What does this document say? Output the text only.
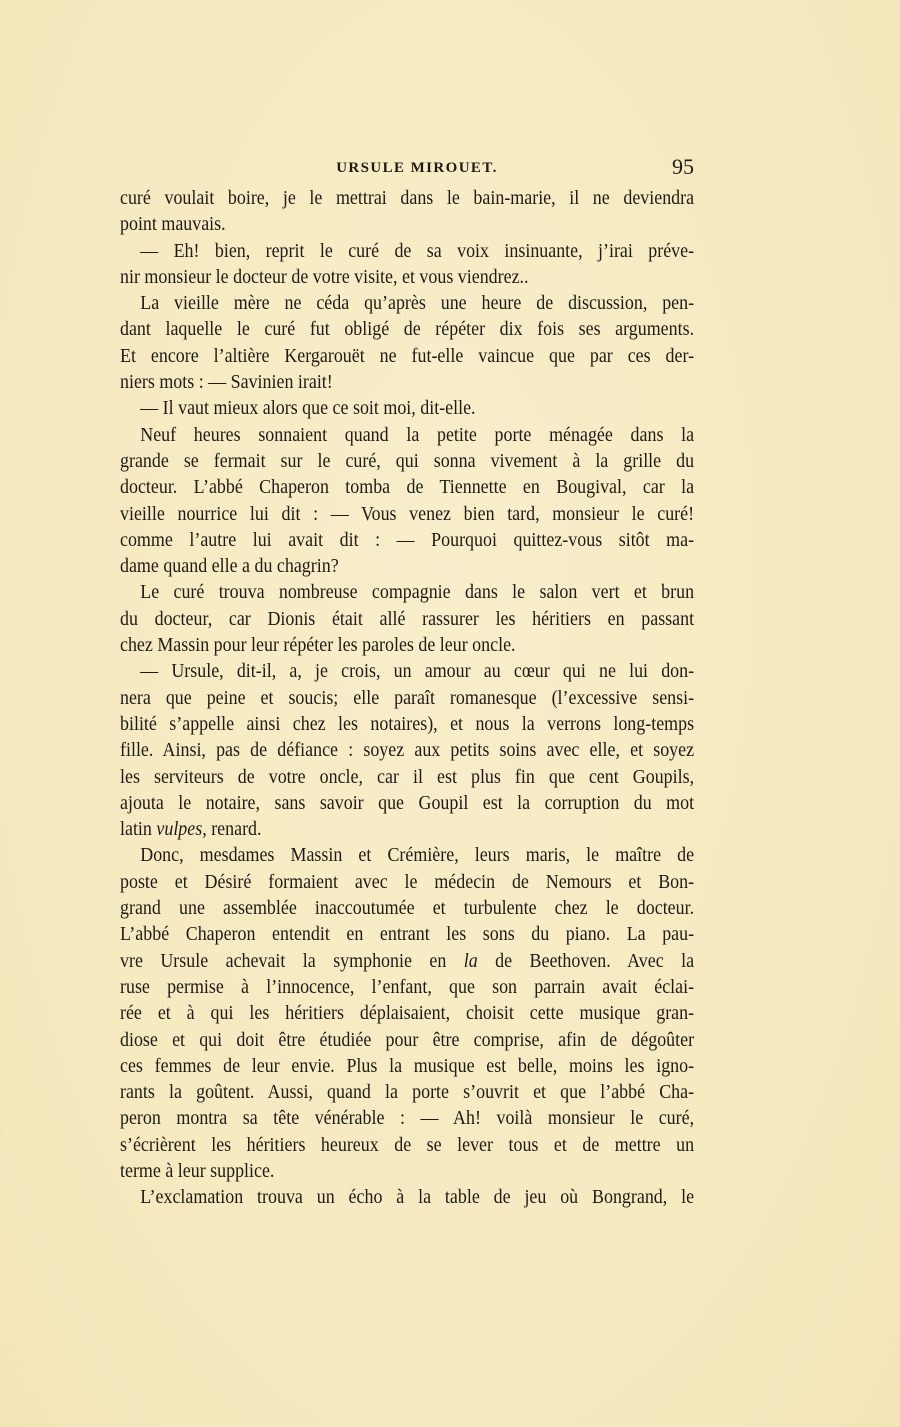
URSULE MIROUET.	95
curé voulait boire, je le mettrai dans le bain-marie, il ne deviendra
point mauvais.
— Eh! bien, reprit le curé de sa voix insinuante, j’irai préve-
nir monsieur le docteur de votre visite, et vous viendrez..
La vieille mère ne céda qu’après une heure de discussion, pen-
dant laquelle le curé fut obligé de répéter dix fois ses arguments.
Et encore l’altière Kergarouët ne fut-elle vaincue que par ces der-
niers mots : — Savinien irait!
— Il vaut mieux alors que ce soit moi, dit-elle.
Neuf heures sonnaient quand la petite porte ménagée dans la
grande se fermait sur le curé, qui sonna vivement à la grille du
docteur. L’abbé Chaperon tomba de Tiennette en Bougival, car la
vieille nourrice lui dit : — Vous venez bien tard, monsieur le curé!
comme l’autre lui avait dit : — Pourquoi quittez-vous sitôt ma-
dame quand elle a du chagrin?
Le curé trouva nombreuse compagnie dans le salon vert et brun
du docteur, car Dionis était allé rassurer les héritiers en passant
chez Massin pour leur répéter les paroles de leur oncle.
— Ursule, dit-il, a, je crois, un amour au cœur qui ne lui don-
nera que peine et soucis; elle paraît romanesque (l’excessive sensi-
bilité s’appelle ainsi chez les notaires), et nous la verrons long-temps
fille. Ainsi, pas de défiance : soyez aux petits soins avec elle, et soyez
les serviteurs de votre oncle, car il est plus fin que cent Goupils,
ajouta le notaire, sans savoir que Goupil est la corruption du mot
latin vulpes, renard.
Donc, mesdames Massin et Crémière, leurs maris, le maître de
poste et Désiré formaient avec le médecin de Nemours et Bon-
grand une assemblée inaccoutumée et turbulente chez le docteur.
L’abbé Chaperon entendit en entrant les sons du piano. La pau-
vre Ursule achevait la symphonie en la de Beethoven. Avec la
ruse permise à l’innocence, l’enfant, que son parrain avait éclai-
rée et à qui les héritiers déplaisaient, choisit cette musique gran-
diose et qui doit être étudiée pour être comprise, afin de dégoûter
ces femmes de leur envie. Plus la musique est belle, moins les igno-
rants la goûtent. Aussi, quand la porte s’ouvrit et que l’abbé Cha-
peron montra sa tête vénérable : — Ah! voilà monsieur le curé,
s’écrièrent les héritiers heureux de se lever tous et de mettre un
terme à leur supplice.
L’exclamation trouva un écho à la table de jeu où Bongrand, le
